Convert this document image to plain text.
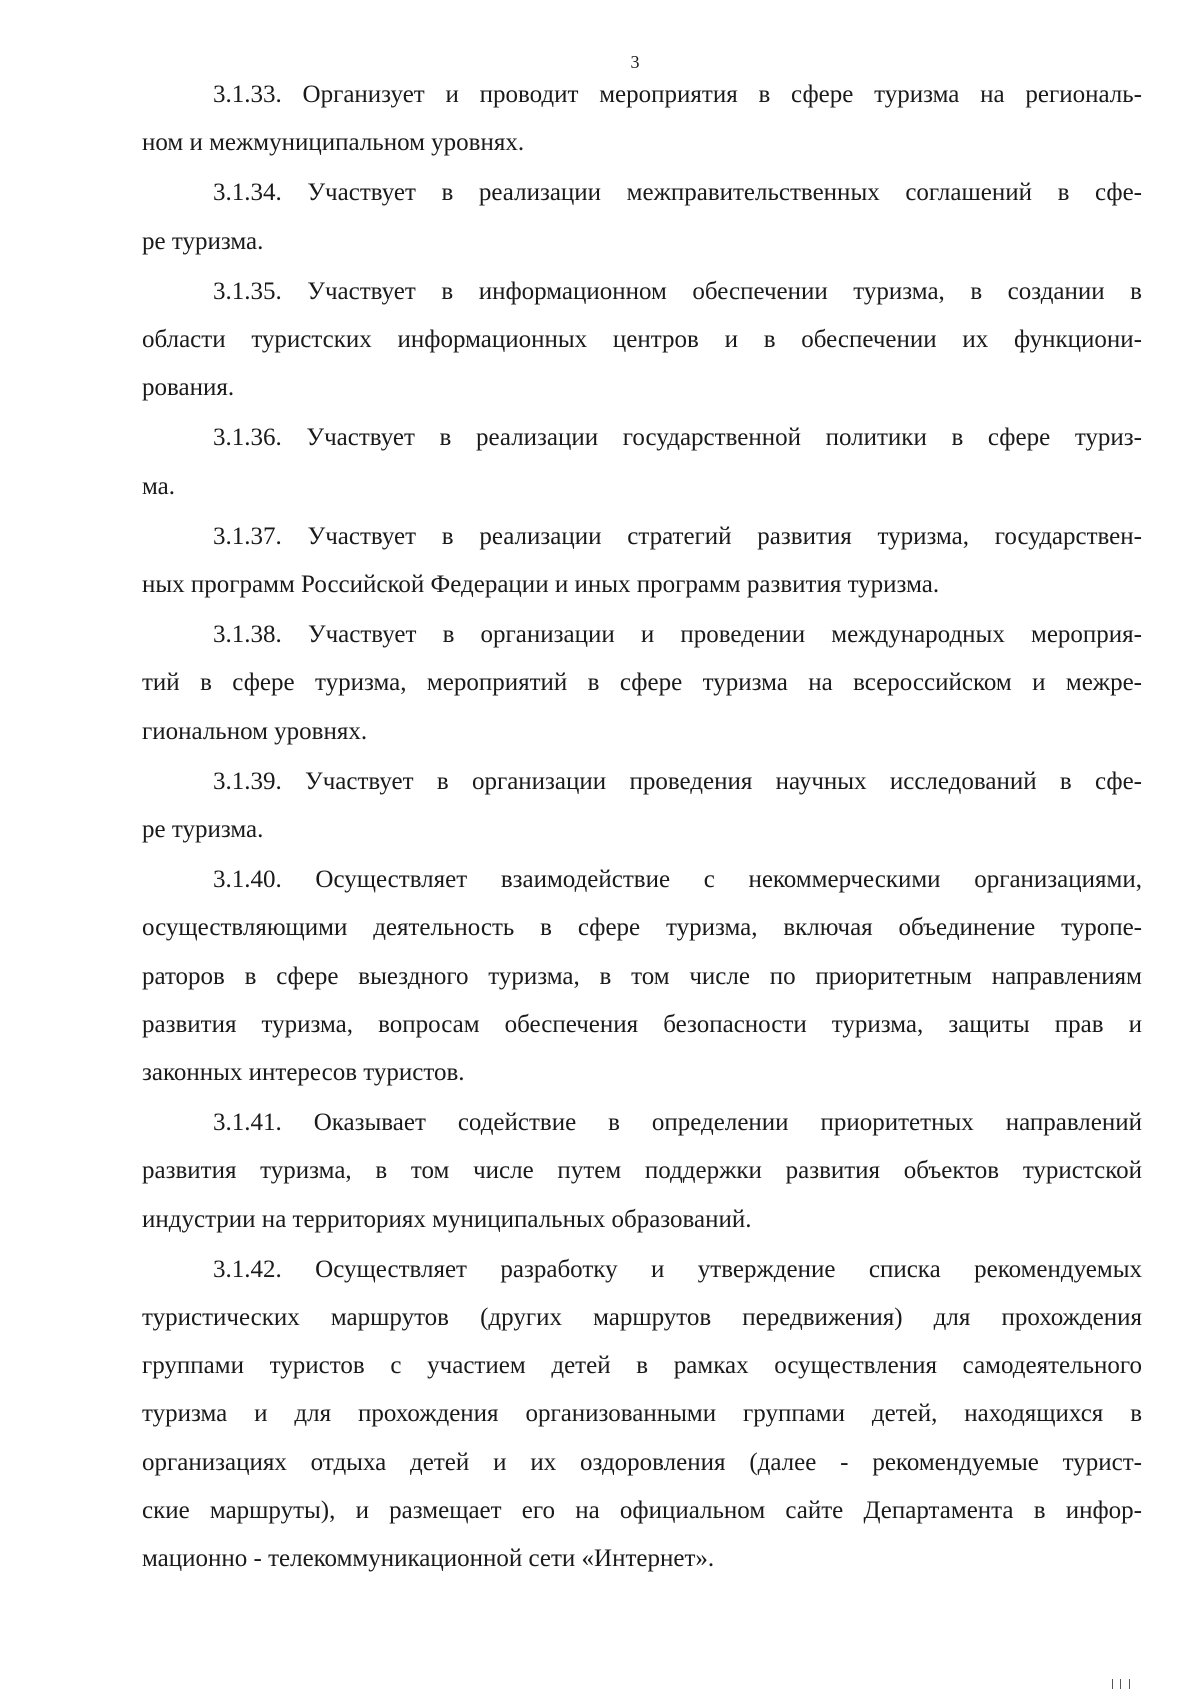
3
3.1.33. Организует и проводит мероприятия в сфере туризма на региональ-
ном и межмуниципальном уровнях.
3.1.34. Участвует в реализации межправительственных соглашений в сфе-
ре туризма.
3.1.35. Участвует в информационном обеспечении туризма, в создании в
области туристских информационных центров и в обеспечении их функциони-
рования.
3.1.36. Участвует в реализации государственной политики в сфере туриз-
ма.
3.1.37. Участвует в реализации стратегий развития туризма, государствен-
ных программ Российской Федерации и иных программ развития туризма.
3.1.38. Участвует в организации и проведении международных мероприя-
тий в сфере туризма, мероприятий в сфере туризма на всероссийском и межре-
гиональном уровнях.
3.1.39. Участвует в организации проведения научных исследований в сфе-
ре туризма.
3.1.40. Осуществляет взаимодействие с некоммерческими организациями,
осуществляющими деятельность в сфере туризма, включая объединение туропе-
раторов в сфере выездного туризма, в том числе по приоритетным направлениям
развития туризма, вопросам обеспечения безопасности туризма, защиты прав и
законных интересов туристов.
3.1.41. Оказывает содействие в определении приоритетных направлений
развития туризма, в том числе путем поддержки развития объектов туристской
индустрии на территориях муниципальных образований.
3.1.42. Осуществляет разработку и утверждение списка рекомендуемых
туристических маршрутов (других маршрутов передвижения) для прохождения
группами туристов с участием детей в рамках осуществления самодеятельного
туризма и для прохождения организованными группами детей, находящихся в
организациях отдыха детей и их оздоровления (далее - рекомендуемые турист-
ские маршруты), и размещает его на официальном сайте Департамента в инфор-
мационно - телекоммуникационной сети «Интернет».
